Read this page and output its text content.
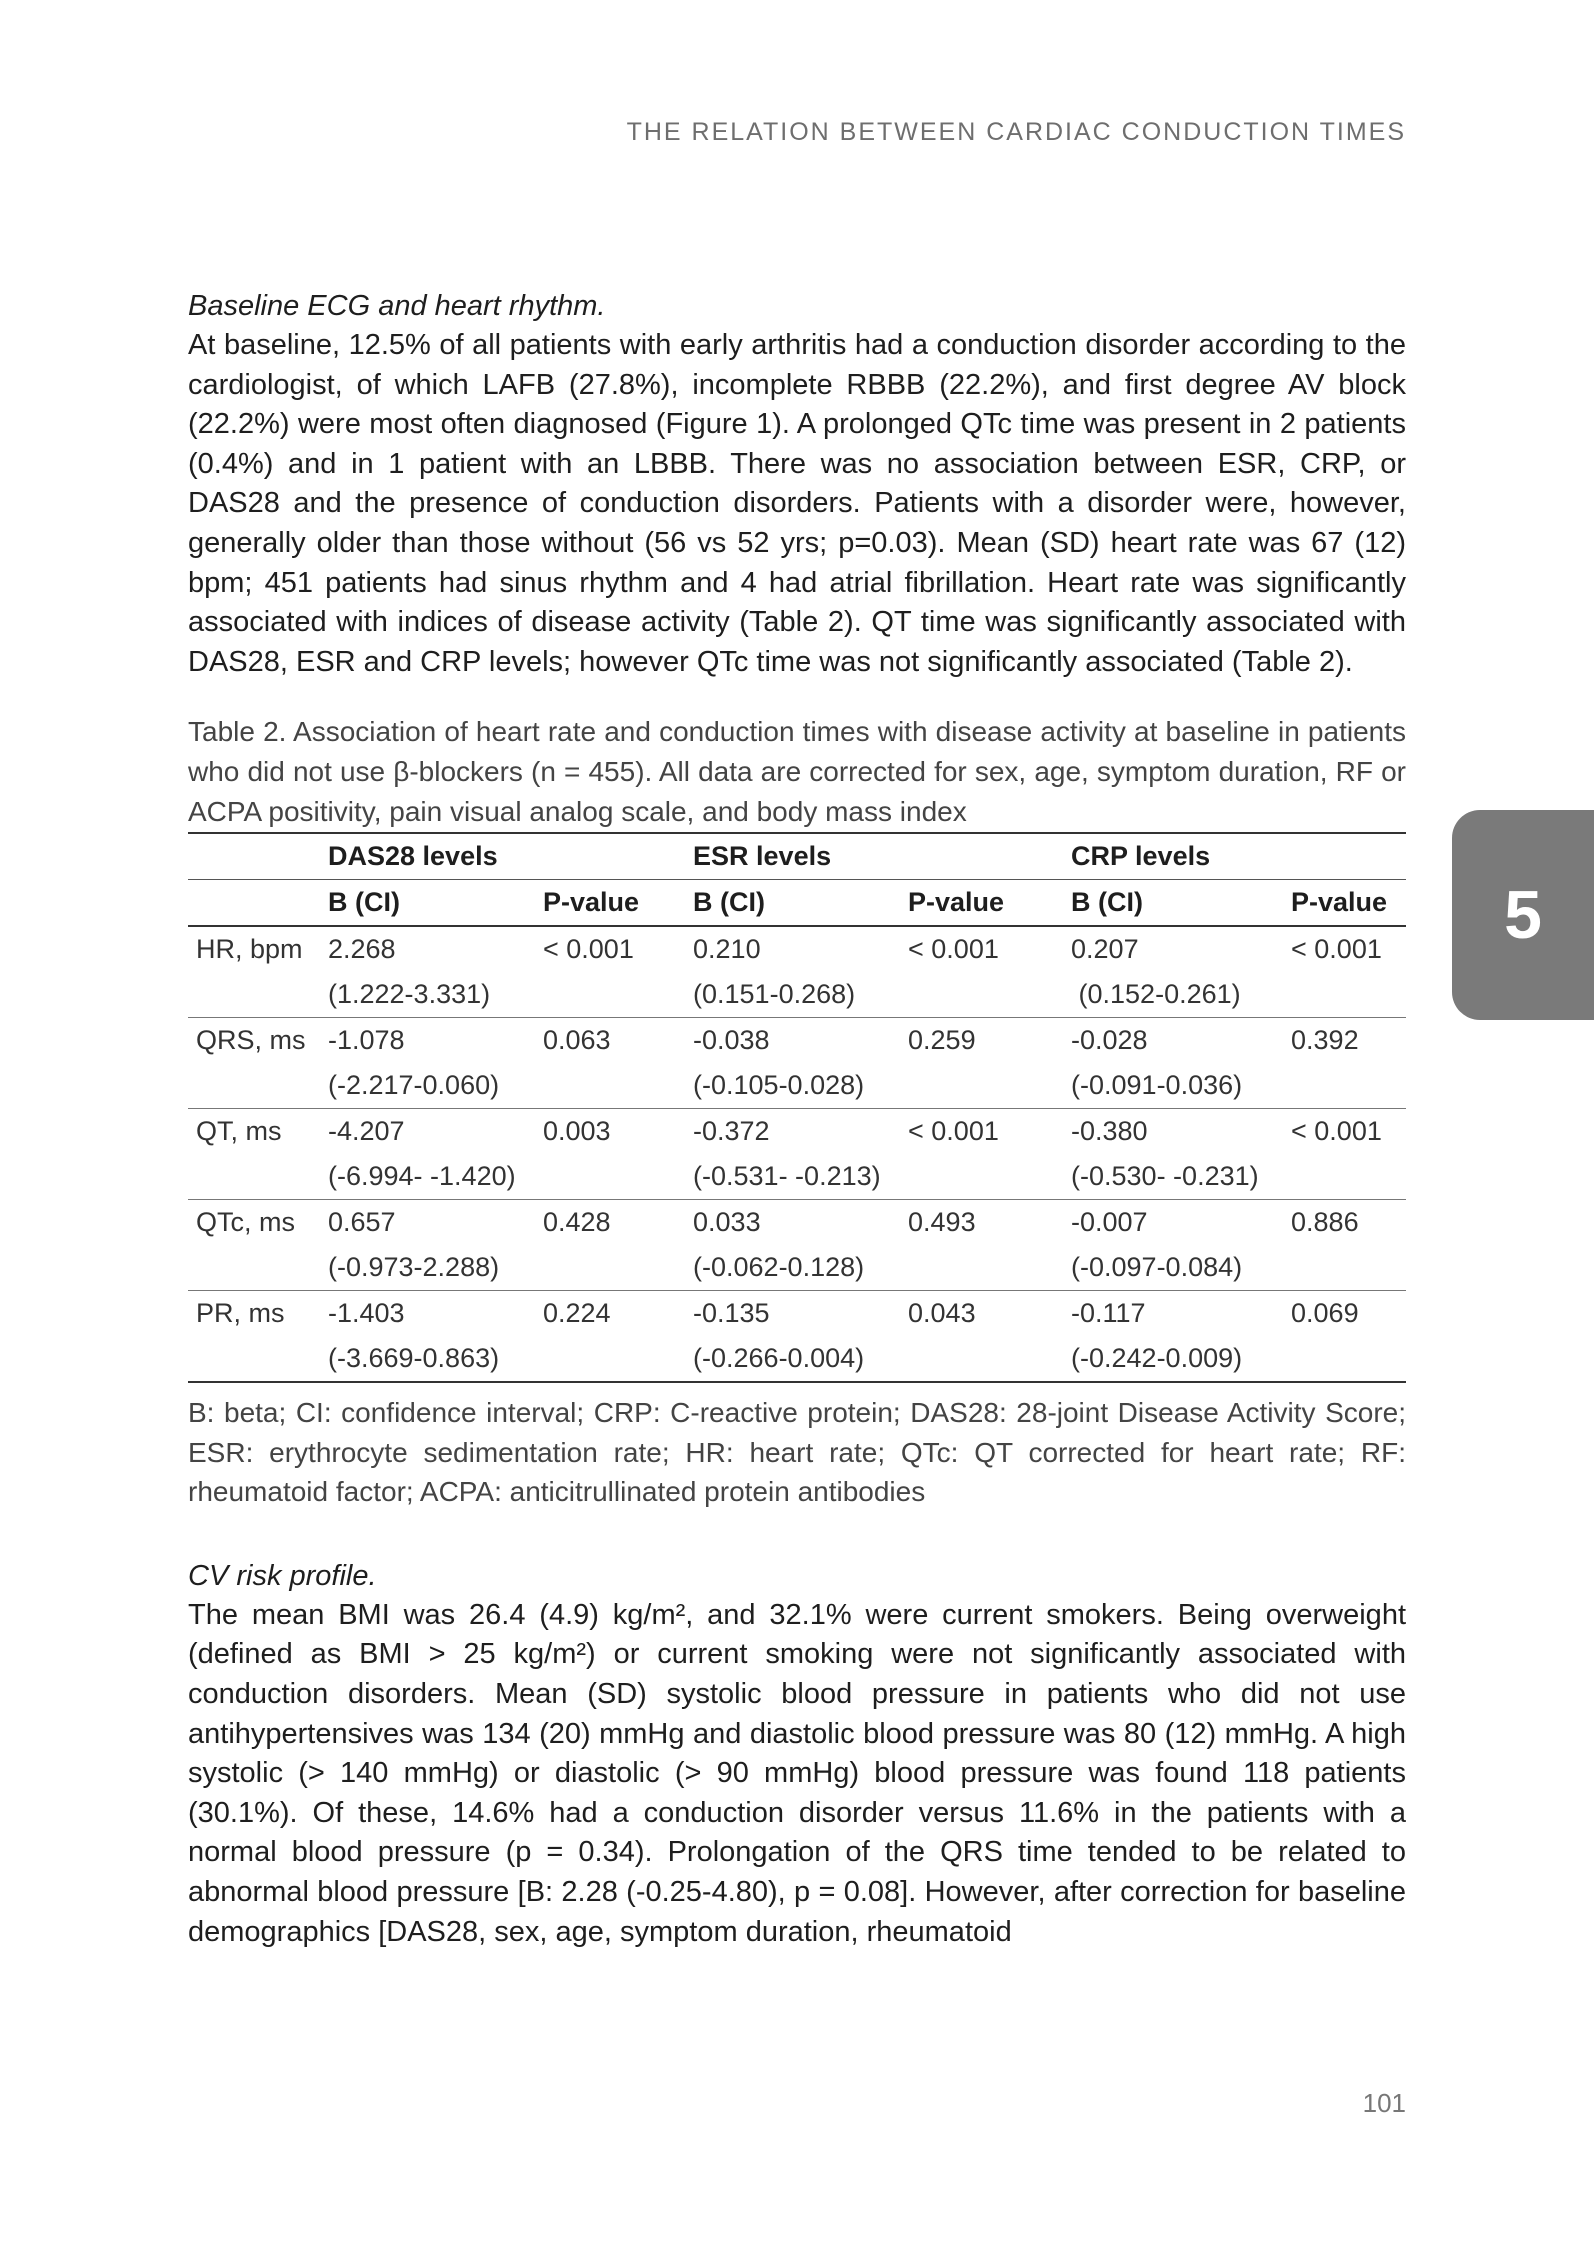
THE RELATION BETWEEN CARDIAC CONDUCTION TIMES
5

Baseline ECG and heart rhythm.

At baseline, 12.5% of all patients with early arthritis had a conduction disorder according to the cardiologist, of which LAFB (27.8%), incomplete RBBB (22.2%), and first degree AV block (22.2%) were most often diagnosed (Figure 1). A prolonged QTc time was present in 2 patients (0.4%) and in 1 patient with an LBBB. There was no association between ESR, CRP, or DAS28 and the presence of conduction disorders. Patients with a disorder were, however, generally older than those without (56 vs 52 yrs; p=0.03). Mean (SD) heart rate was 67 (12) bpm; 451 patients had sinus rhythm and 4 had atrial fibrillation. Heart rate was significantly associated with indices of disease activity (Table 2). QT time was significantly associated with DAS28, ESR and CRP levels; however QTc time was not significantly associated (Table 2).

Table 2. Association of heart rate and conduction times with disease activity at baseline in patients who did not use β-blockers (n = 455). All data are corrected for sex, age, symptom duration, RF or ACPA positivity, pain visual analog scale, and body mass index

	DAS28 levels		ESR levels		CRP levels	
	B (CI)	P-value	B (CI)	P-value	B (CI)	P-value
HR, bpm	2.268	< 0.001	0.210	< 0.001	0.207	< 0.001
	(1.222-3.331)		(0.151-0.268)		(0.152-0.261)	
QRS, ms	-1.078	0.063	-0.038	0.259	-0.028	0.392
	(-2.217-0.060)		(-0.105-0.028)		(-0.091-0.036)	
QT, ms	-4.207	0.003	-0.372	< 0.001	-0.380	< 0.001
	(-6.994- -1.420)		(-0.531- -0.213)		(-0.530- -0.231)	
QTc, ms	0.657	0.428	0.033	0.493	-0.007	0.886
	(-0.973-2.288)		(-0.062-0.128)		(-0.097-0.084)	
PR, ms	-1.403	0.224	-0.135	0.043	-0.117	0.069
	(-3.669-0.863)		(-0.266-0.004)		(-0.242-0.009)	

B: beta; CI: confidence interval; CRP: C-reactive protein; DAS28: 28-joint Disease Activity Score; ESR: erythrocyte sedimentation rate; HR: heart rate; QTc: QT corrected for heart rate; RF: rheumatoid factor; ACPA: anticitrullinated protein antibodies

CV risk profile.

The mean BMI was 26.4 (4.9) kg/m², and 32.1% were current smokers. Being overweight (defined as BMI > 25 kg/m²) or current smoking were not significantly associated with conduction disorders. Mean (SD) systolic blood pressure in patients who did not use antihypertensives was 134 (20) mmHg and diastolic blood pressure was 80 (12) mmHg. A high systolic (> 140 mmHg) or diastolic (> 90 mmHg) blood pressure was found 118 patients (30.1%). Of these, 14.6% had a conduction disorder versus 11.6% in the patients with a normal blood pressure (p = 0.34). Prolongation of the QRS time tended to be related to abnormal blood pressure [B: 2.28 (-0.25-4.80), p = 0.08]. However, after correction for baseline demographics [DAS28, sex, age, symptom duration, rheumatoid

101
